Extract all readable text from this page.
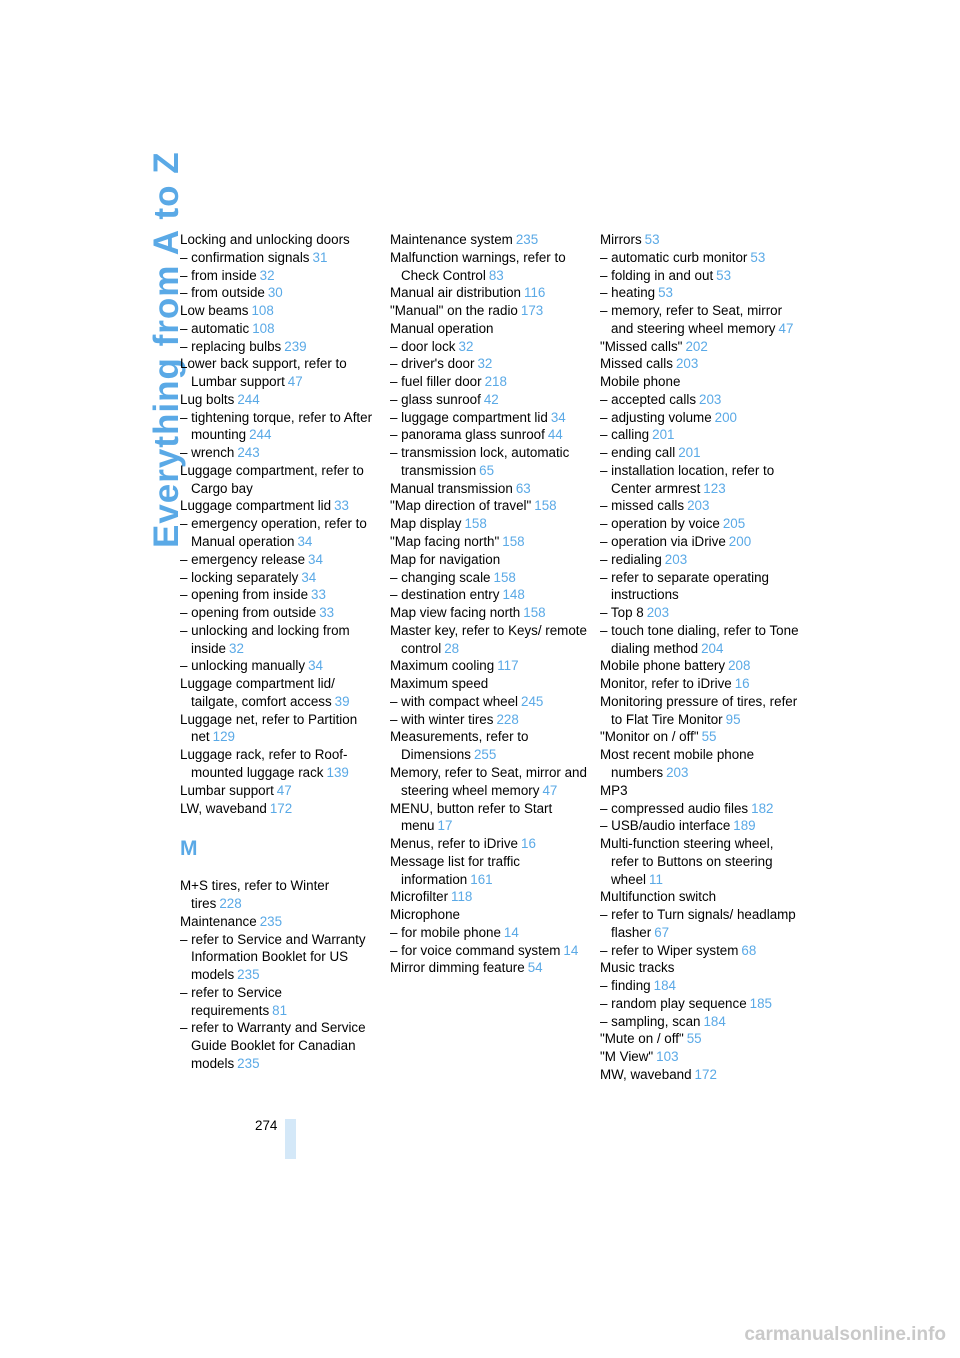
Everything from A to Z
Locking and unlocking doors
– confirmation signals 31
– from inside 32
– from outside 30
Low beams 108
– automatic 108
– replacing bulbs 239
Lower back support, refer to Lumbar support 47
Lug bolts 244
– tightening torque, refer to After mounting 244
– wrench 243
Luggage compartment, refer to Cargo bay
Luggage compartment lid 33
– emergency operation, refer to Manual operation 34
– emergency release 34
– locking separately 34
– opening from inside 33
– opening from outside 33
– unlocking and locking from inside 32
– unlocking manually 34
Luggage compartment lid/ tailgate, comfort access 39
Luggage net, refer to Partition net 129
Luggage rack, refer to Roof-mounted luggage rack 139
Lumbar support 47
LW, waveband 172
M
M+S tires, refer to Winter tires 228
Maintenance 235
– refer to Service and Warranty Information Booklet for US models 235
– refer to Service requirements 81
– refer to Warranty and Service Guide Booklet for Canadian models 235
Maintenance system 235
Malfunction warnings, refer to Check Control 83
Manual air distribution 116
"Manual" on the radio 173
Manual operation
– door lock 32
– driver's door 32
– fuel filler door 218
– glass sunroof 42
– luggage compartment lid 34
– panorama glass sunroof 44
– transmission lock, automatic transmission 65
Manual transmission 63
"Map direction of travel" 158
Map display 158
"Map facing north" 158
Map for navigation
– changing scale 158
– destination entry 148
Map view facing north 158
Master key, refer to Keys/ remote control 28
Maximum cooling 117
Maximum speed
– with compact wheel 245
– with winter tires 228
Measurements, refer to Dimensions 255
Memory, refer to Seat, mirror and steering wheel memory 47
MENU, button refer to Start menu 17
Menus, refer to iDrive 16
Message list for traffic information 161
Microfilter 118
Microphone
– for mobile phone 14
– for voice command system 14
Mirror dimming feature 54
Mirrors 53
– automatic curb monitor 53
– folding in and out 53
– heating 53
– memory, refer to Seat, mirror and steering wheel memory 47
"Missed calls" 202
Missed calls 203
Mobile phone
– accepted calls 203
– adjusting volume 200
– calling 201
– ending call 201
– installation location, refer to Center armrest 123
– missed calls 203
– operation by voice 205
– operation via iDrive 200
– redialing 203
– refer to separate operating instructions
– Top 8 203
– touch tone dialing, refer to Tone dialing method 204
Mobile phone battery 208
Monitor, refer to iDrive 16
Monitoring pressure of tires, refer to Flat Tire Monitor 95
"Monitor on / off" 55
Most recent mobile phone numbers 203
MP3
– compressed audio files 182
– USB/audio interface 189
Multi-function steering wheel, refer to Buttons on steering wheel 11
Multifunction switch
– refer to Turn signals/ headlamp flasher 67
– refer to Wiper system 68
Music tracks
– finding 184
– random play sequence 185
– sampling, scan 184
"Mute on / off" 55
"M View" 103
MW, waveband 172
274
carmanualsonline.info
